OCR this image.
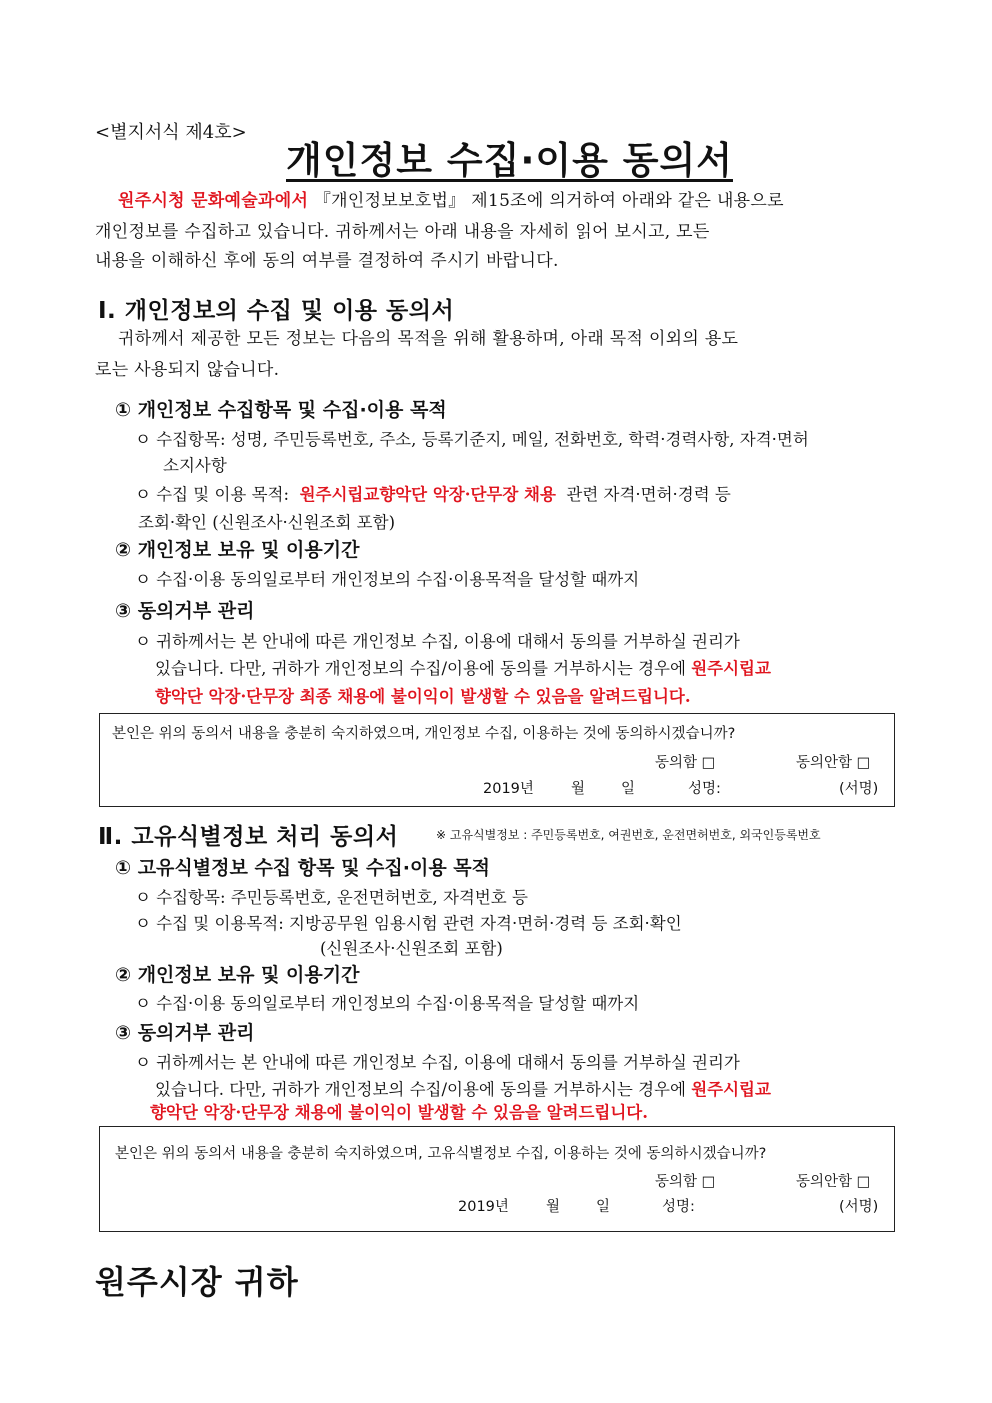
<별지서식 제4호>
개인정보 수집·이용 동의서
원주시청 문화예술과에서 『개인정보보호법』 제15조에 의거하여 아래와 같은 내용으로
개인정보를 수집하고 있습니다. 귀하께서는 아래 내용을 자세히 읽어 보시고, 모든
내용을 이해하신 후에 동의 여부를 결정하여 주시기 바랍니다.
Ⅰ. 개인정보의 수집 및 이용 동의서
귀하께서 제공한 모든 정보는 다음의 목적을 위해 활용하며, 아래 목적 이외의 용도
로는 사용되지 않습니다.
① 개인정보 수집항목 및 수집·이용 목적
ㅇ 수집항목: 성명, 주민등록번호, 주소, 등록기준지, 메일, 전화번호, 학력·경력사항, 자격·면허
소지사항
ㅇ 수집 및 이용 목적: 원주시립교향악단 악장·단무장 채용 관련 자격·면허·경력 등
조회·확인 (신원조사·신원조회 포함)
② 개인정보 보유 및 이용기간
ㅇ 수집·이용 동의일로부터 개인정보의 수집·이용목적을 달성할 때까지
③ 동의거부 관리
ㅇ 귀하께서는 본 안내에 따른 개인정보 수집, 이용에 대해서 동의를 거부하실 권리가
있습니다. 다만, 귀하가 개인정보의 수집/이용에 동의를 거부하시는 경우에 원주시립교
향악단 악장·단무장 최종 채용에 불이익이 발생할 수 있음을 알려드립니다.
본인은 위의 동의서 내용을 충분히 숙지하였으며, 개인정보 수집, 이용하는 것에 동의하시겠습니까?
동의함 □	동의안함 □
2019년	월 일	성명:	(서명)
Ⅱ. 고유식별정보 처리 동의서	※ 고유식별정보 : 주민등록번호, 여권번호, 운전면허번호, 외국인등록번호
① 고유식별정보 수집 항목 및 수집·이용 목적
ㅇ 수집항목: 주민등록번호, 운전면허번호, 자격번호 등
ㅇ 수집 및 이용목적: 지방공무원 임용시험 관련 자격·면허·경력 등 조회·확인
(신원조사·신원조회 포함)
② 개인정보 보유 및 이용기간
ㅇ 수집·이용 동의일로부터 개인정보의 수집·이용목적을 달성할 때까지
③ 동의거부 관리
ㅇ 귀하께서는 본 안내에 따른 개인정보 수집, 이용에 대해서 동의를 거부하실 권리가
있습니다. 다만, 귀하가 개인정보의 수집/이용에 동의를 거부하시는 경우에 원주시립교
향악단 악장·단무장 채용에 불이익이 발생할 수 있음을 알려드립니다.
본인은 위의 동의서 내용을 충분히 숙지하였으며, 고유식별정보 수집, 이용하는 것에 동의하시겠습니까?
동의함 □	동의안함 □
2019년	월 일	성명:	(서명)
원주시장 귀하
